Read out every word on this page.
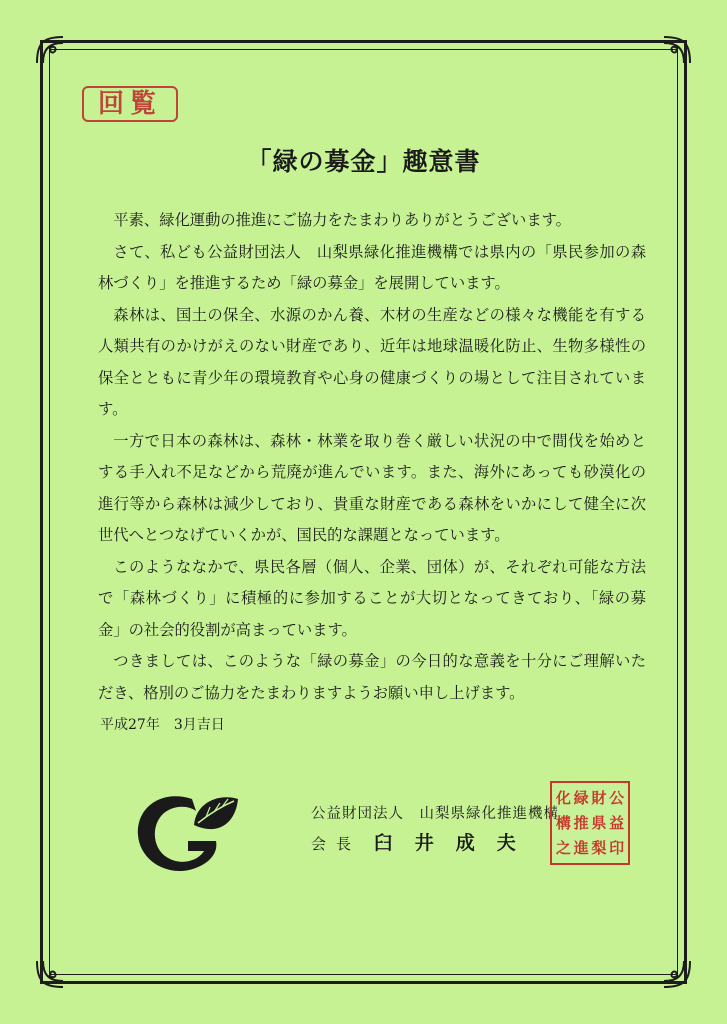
回覧
「緑の募金」趣意書

平素、緑化運動の推進にご協力をたまわりありがとうございます。

さて、私ども公益財団法人　山梨県緑化推進機構では県内の「県民参加の森林づくり」を推進するため「緑の募金」を展開しています。

森林は、国土の保全、水源のかん養、木材の生産などの様々な機能を有する人類共有のかけがえのない財産であり、近年は地球温暖化防止、生物多様性の保全とともに青少年の環境教育や心身の健康づくりの場として注目されています。

一方で日本の森林は、森林・林業を取り巻く厳しい状況の中で間伐を始めとする手入れ不足などから荒廃が進んでいます。また、海外にあっても砂漠化の進行等から森林は減少しており、貴重な財産である森林をいかにして健全に次世代へとつなげていくかが、国民的な課題となっています。

このようななかで、県民各層（個人、企業、団体）が、それぞれ可能な方法で「森林づくり」に積極的に参加することが大切となってきており、「緑の募金」の社会的役割が高まっています。

つきましては、このような「緑の募金」の今日的な意義を十分にご理解いただき、格別のご協力をたまわりますようお願い申し上げます。

平成27年　3月吉日
公益財団法人　山梨県緑化推進機構
会長 臼井成夫
化 緑 財 公
構 推 県 益
之 進 梨 印
